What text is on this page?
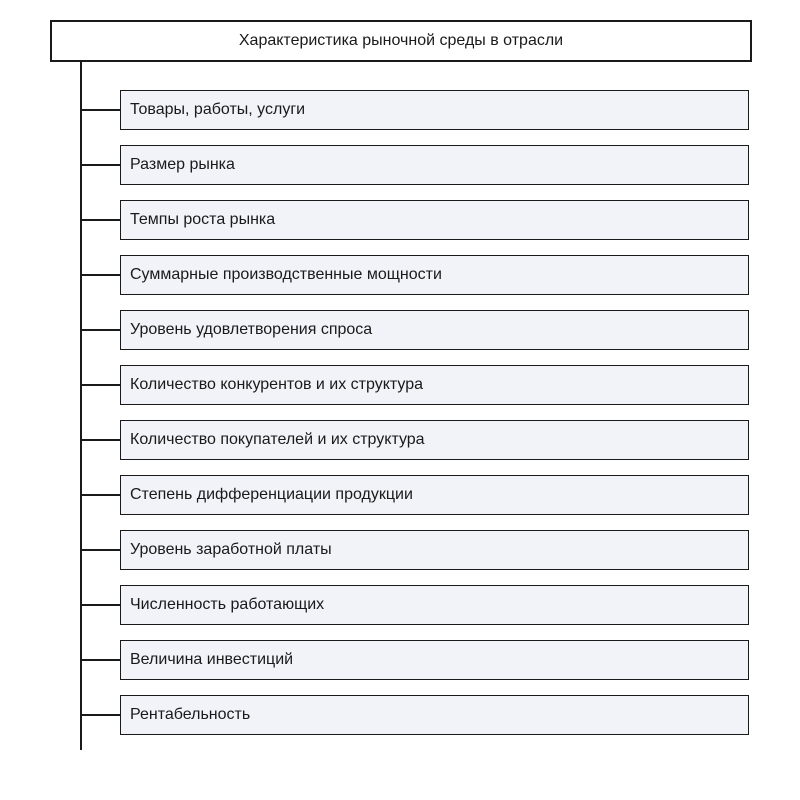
Характеристика рыночной среды в отрасли
Товары, работы, услуги
Размер рынка
Темпы роста рынка
Суммарные производственные мощности
Уровень удовлетворения спроса
Количество конкурентов и их структура
Количество покупателей и их структура
Степень дифференциации продукции
Уровень заработной платы
Численность работающих
Величина инвестиций
Рентабельность
